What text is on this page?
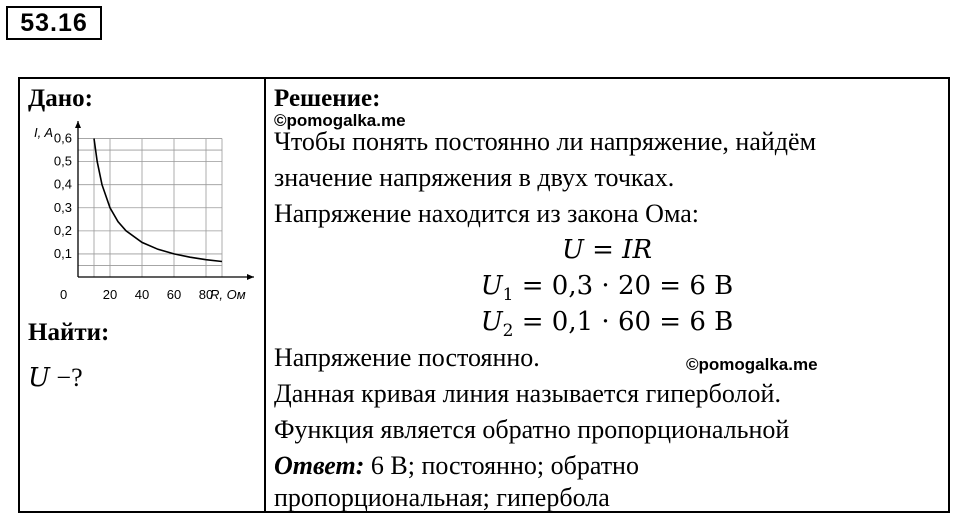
53.16
Дано:
20 40 60 80
0,1
0,2
0,3
0,4
0,5
0,6
I, A
R, Ом
0
Найти:
U −?
Решение:
©pomogalka.me
Чтобы понять постоянно ли напряжение, найдём
значение напряжения в двух точках.
Напряжение находится из закона Ома:
U = IR
$U_1 = 0,3 \cdot 20 = 6$ В
$U_2 = 0,1 \cdot 60 = 6$ В
Напряжение постоянно.	©pomogalka.me
Данная кривая линия называется гиперболой.
Функция является обратно пропорциональной
Ответ: 6 В; постоянно; обратно
пропорциональная; гипербола
